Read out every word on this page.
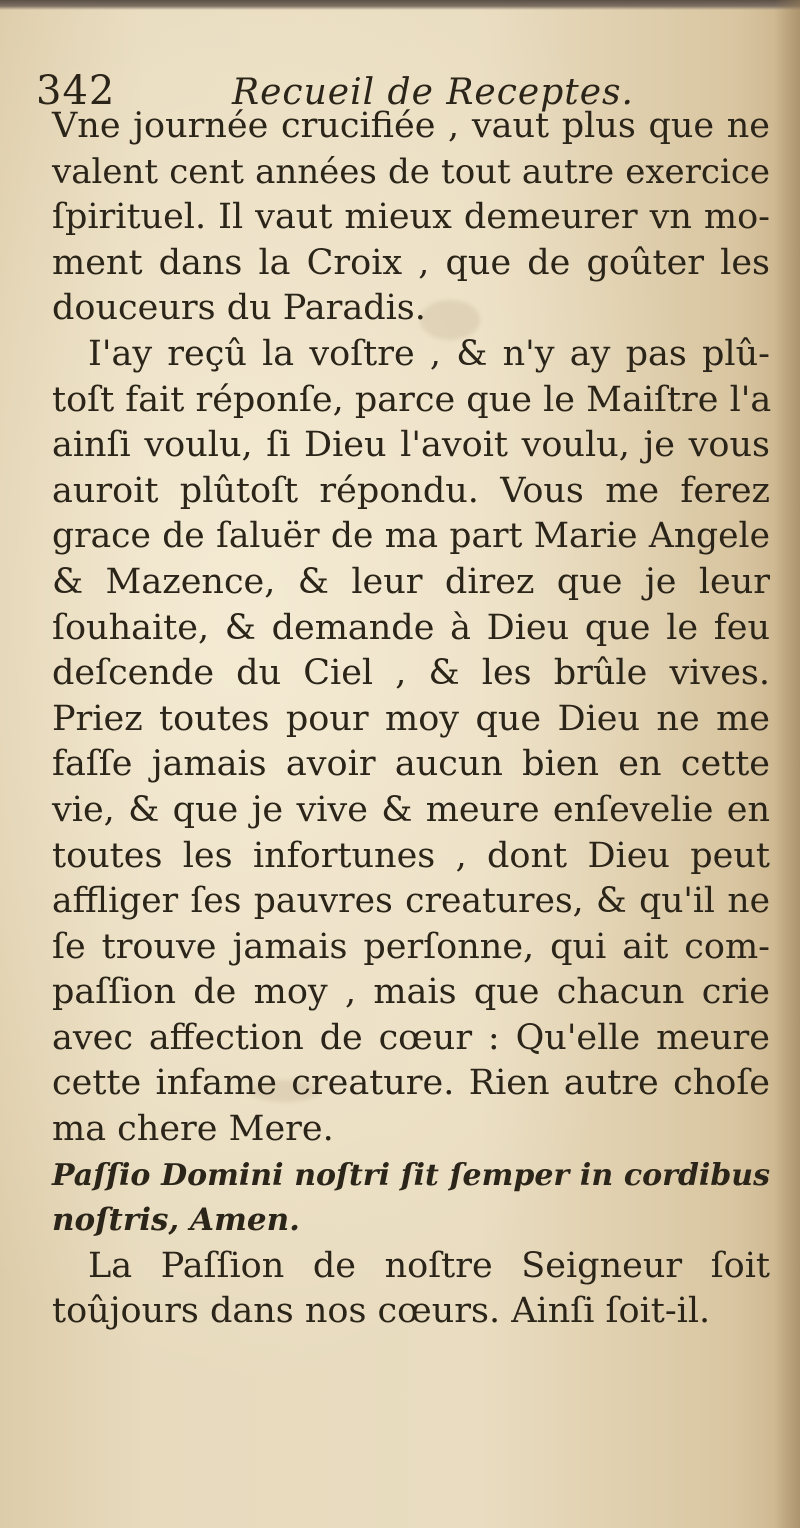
342	Recueil de Receptes.
Vne journée crucifiée , vaut plus que ne
valent cent années de tout autre exercice
ſpirituel. Il vaut mieux demeurer vn mo-
ment dans la Croix , que de goûter les
douceurs du Paradis.
I'ay reçû la voſtre , & n'y ay pas plû-
toſt fait réponſe, parce que le Maiſtre l'a
ainſi voulu, ſi Dieu l'avoit voulu, je vous
auroit plûtoſt répondu. Vous me ferez
grace de ſaluër de ma part Marie Angele
& Mazence, & leur direz que je leur
ſouhaite, & demande à Dieu que le feu
deſcende du Ciel , & les brûle vives.
Priez toutes pour moy que Dieu ne me
faſſe jamais avoir aucun bien en cette
vie, & que je vive & meure enſevelie en
toutes les infortunes , dont Dieu peut
affliger ſes pauvres creatures, & qu'il ne
ſe trouve jamais perſonne, qui ait com-
paſſion de moy , mais que chacun crie
avec affection de cœur : Qu'elle meure
cette infame creature. Rien autre choſe
ma chere Mere.
Paſſio Domini noſtri ſit ſemper in cordibus
noſtris, Amen.
La Paſſion de noſtre Seigneur ſoit
toûjours dans nos cœurs. Ainſi ſoit-il.
